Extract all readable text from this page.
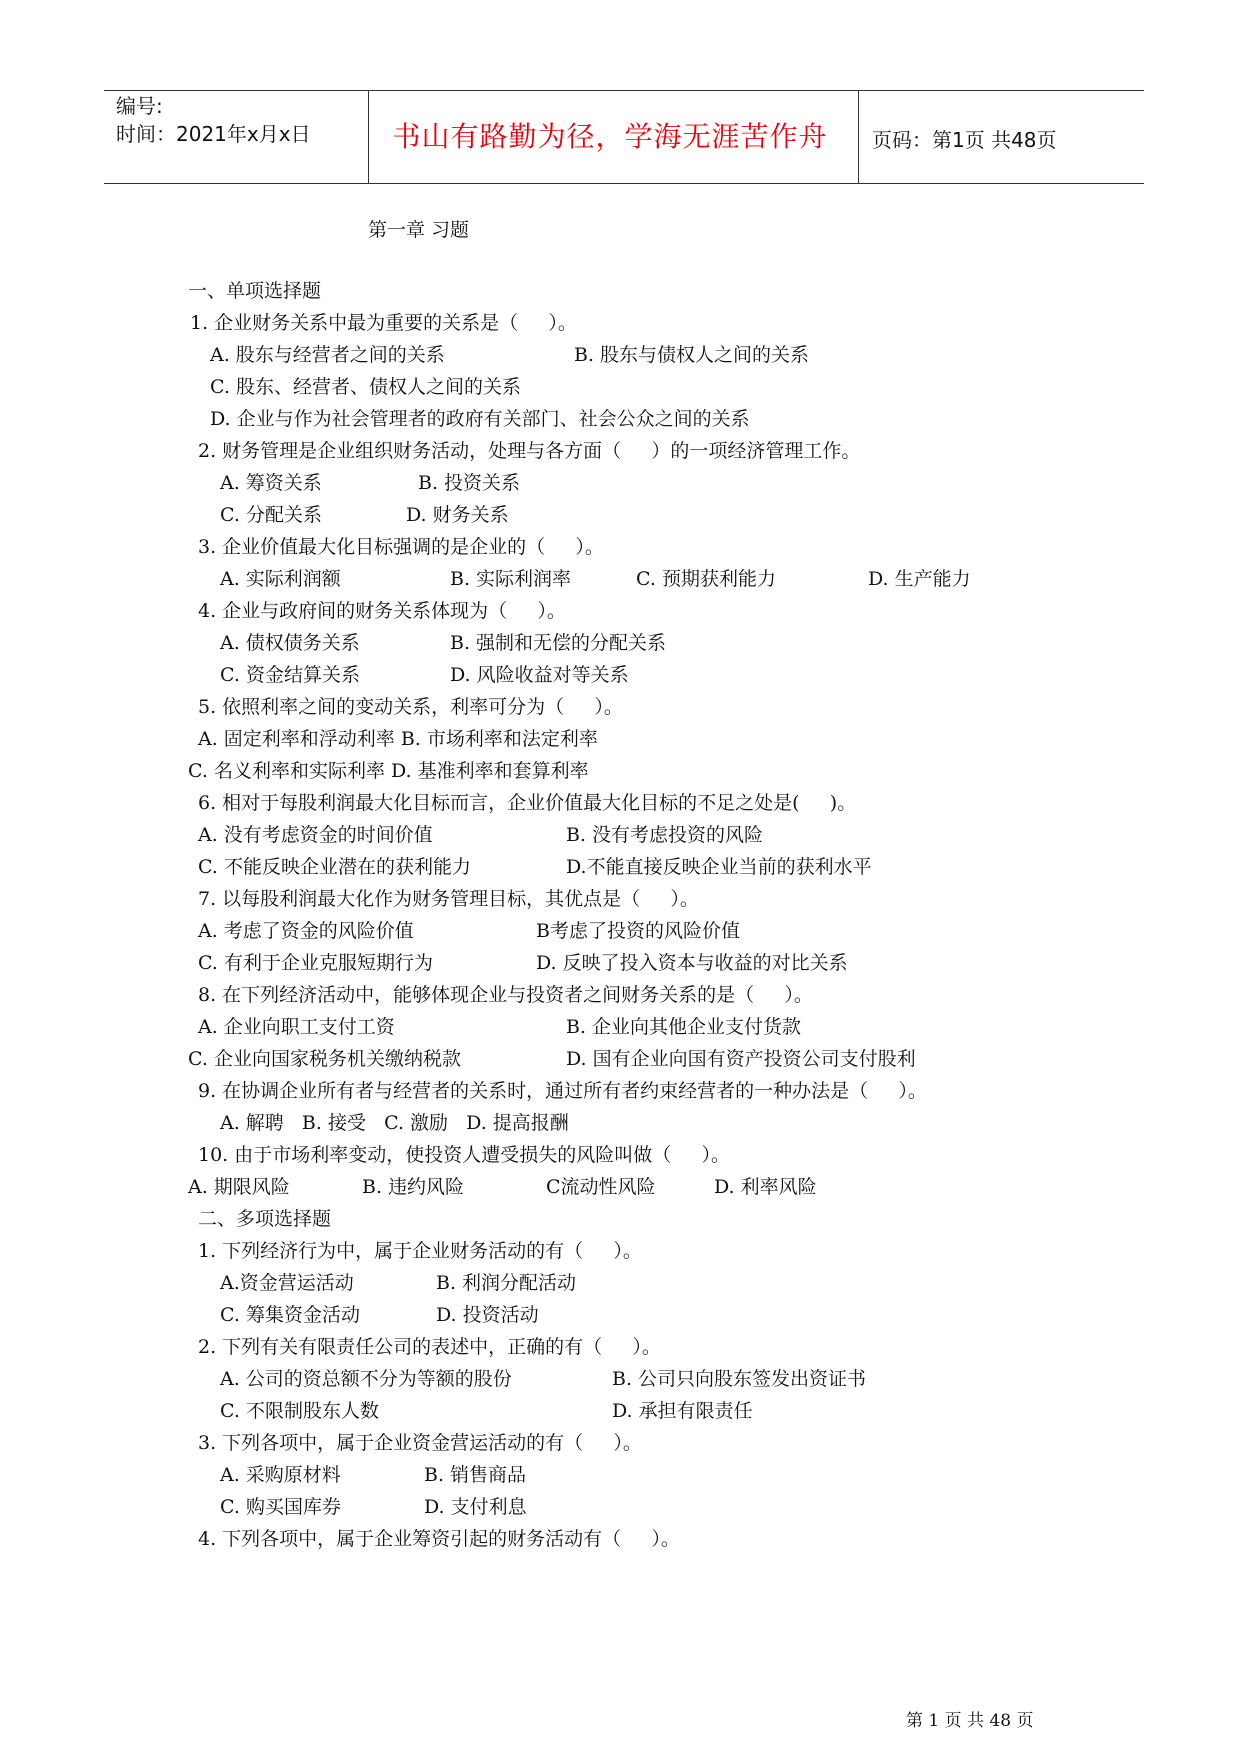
编号:
时间：2021年x月x日	书山有路勤为径，学海无涯苦作舟	页码：第1页 共48页
第一章 习题
一、单项选择题
1. 企业财务关系中最为重要的关系是（     ）。
A. 股东与经营者之间的关系	B. 股东与债权人之间的关系
C. 股东、经营者、债权人之间的关系
D. 企业与作为社会管理者的政府有关部门、社会公众之间的关系
2. 财务管理是企业组织财务活动，处理与各方面（     ）的一项经济管理工作。
A. 筹资关系	B. 投资关系
C. 分配关系	D. 财务关系
3. 企业价值最大化目标强调的是企业的（     ）。
A. 实际利润额	B. 实际利润率	C. 预期获利能力	D. 生产能力
4. 企业与政府间的财务关系体现为（     ）。
A. 债权债务关系	B. 强制和无偿的分配关系
C. 资金结算关系	D. 风险收益对等关系
5. 依照利率之间的变动关系，利率可分为（     ）。
A. 固定利率和浮动利率 B. 市场利率和法定利率
C. 名义利率和实际利率 D. 基准利率和套算利率
6. 相对于每股利润最大化目标而言，企业价值最大化目标的不足之处是(     )。
A. 没有考虑资金的时间价值	B. 没有考虑投资的风险
C. 不能反映企业潜在的获利能力	D.不能直接反映企业当前的获利水平
7. 以每股利润最大化作为财务管理目标，其优点是（     ）。
A. 考虑了资金的风险价值	B考虑了投资的风险价值
C. 有利于企业克服短期行为	D. 反映了投入资本与收益的对比关系
8. 在下列经济活动中，能够体现企业与投资者之间财务关系的是（     ）。
A. 企业向职工支付工资	B. 企业向其他企业支付货款
C. 企业向国家税务机关缴纳税款	D. 国有企业向国有资产投资公司支付股利
9. 在协调企业所有者与经营者的关系时，通过所有者约束经营者的一种办法是（     ）。
A. 解聘   B. 接受   C. 激励   D. 提高报酬
10. 由于市场利率变动，使投资人遭受损失的风险叫做（     ）。
A. 期限风险	B. 违约风险	C流动性风险	D. 利率风险
二、多项选择题
1. 下列经济行为中，属于企业财务活动的有（     ）。
A.资金营运活动	B. 利润分配活动
C. 筹集资金活动	D. 投资活动
2. 下列有关有限责任公司的表述中，正确的有（     ）。
A. 公司的资总额不分为等额的股份	B. 公司只向股东签发出资证书
C. 不限制股东人数	D. 承担有限责任
3. 下列各项中，属于企业资金营运活动的有（     ）。
A. 采购原材料	B. 销售商品
C. 购买国库券	D. 支付利息
4. 下列各项中，属于企业筹资引起的财务活动有（     ）。
第 1 页 共 48 页
